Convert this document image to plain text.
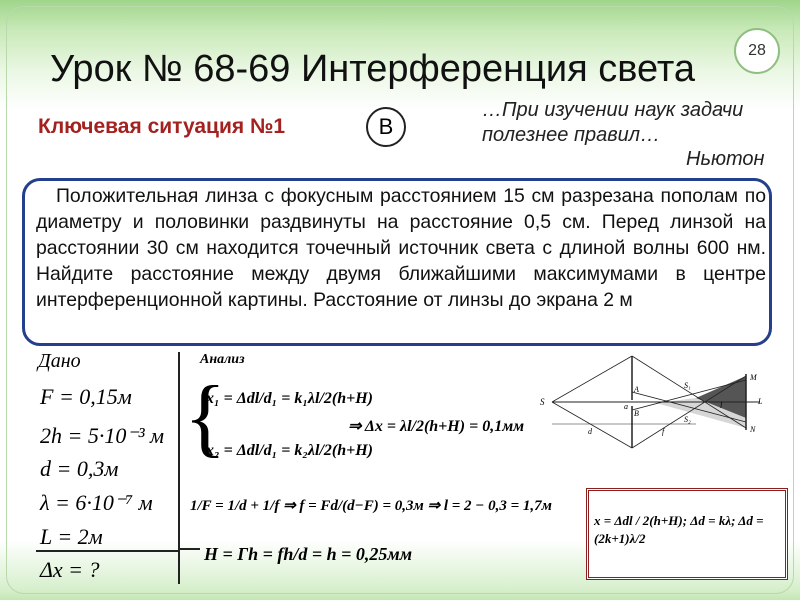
28
Урок № 68-69 Интерференция света
Ключевая ситуация №1	B
…При изучении наук задачи
полезнее правил…
Ньютон
Положительная линза с фокусным расстоянием 15 см разрезана пополам по диаметру и половинки раздвинуты на расстояние 0,5 см. Перед линзой на расстоянии 30 см находится точечный источник света с длиной волны 600 нм. Найдите расстояние между двумя ближайшими максимумами в центре интерференционной картины. Расстояние от линзы до экрана 2 м
Дано
F = 0,15м
2h = 5·10⁻³ м
d = 0,3м
λ = 6·10⁻⁷ м
L = 2м
Δx = ?
Анализ
{
x₁ = Δdl/d₁ = k₁λl/2(h+H)
x₂ = Δdl/d₁ = k₂λl/2(h+H)
⇒ Δx = λl/2(h+H) = 0,1мм
1/F = 1/d + 1/f ⇒ f = Fd/(d−F) = 0,3м ⇒ l = 2 − 0,3 = 1,7м
H = Γh = fh/d = h = 0,25мм
S
A
a
B
d	f
S₁
S₂
l
M
L
N
x = Δdl / 2(h+H); Δd = kλ; Δd = (2k+1)λ/2
